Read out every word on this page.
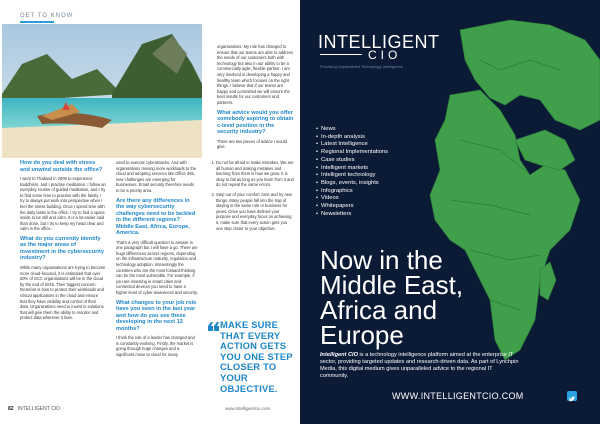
GET TO KNOW
How do you deal with stress and unwind outside the office?

I went to Thailand in 2009 to experience Buddhism, and I practise meditation. I follow an everyday routine of guided meditation, and I try to find some time to practise with the family. I try to always put work into perspective when I feel the stress building. Once I spend time with the daily tasks in the office, I try to find a space inside to be still and calm. It is a lot easier said than done, but I try to keep my head clear and calm in the office.

What do you currently identify as the major areas of investment in the cybersecurity industry?

While many organisations are trying to become more cloud-focused, it is estimated that over 60% of GCC organisations will be in the cloud by the end of 2019. Their biggest concern therefore is how to protect their workloads and critical applications in the cloud and ensure that they have visibility and control of their data. Organisations need to invest in solutions that will give them the ability to monitor and protect data wherever it lives.

used to execute cyberattacks. And with organisations moving more workloads to the cloud and adopting services like Office 365, new challenges are emerging for businesses. Email security therefore needs to be a priority area.

Are there any differences in the way cybersecurity challenges need to be tackled in the different regions? Middle East, Africa, Europe, America.

That's a very difficult question to answer in one paragraph but I will have a go. There are huge differences across regions, depending on the infrastructure maturity, regulation and technology adoption. Interestingly the countries who are the most forward-thinking can be the most vulnerable. For example, if you are investing in smart cities and connected devices you need to have a higher level of cyber-awareness and security.

What changes to your job role have you seen in the last year and how do you see these developing in the next 12 months?

I think the role of a leader has changed and is constantly evolving. Firstly, the market is going through huge changes and a significant move to cloud for many

organisations. My role has changed to ensure that our teams are able to address the needs of our customers both with technology but also in our ability to be a commercially agile, flexible partner. I am very involved in developing a happy and healthy team which focuses on the right things. I believe that if our teams are happy and committed we will ensure the best results for our customers and partners.

What advice would you offer somebody aspiring to obtain c-level position in the security industry?

There are two pieces of advice I would give.

1. Do not be afraid to make mistakes. We are all human and making mistakes and learning from them is how we grow. It is okay to fail as long as you learn from it and do not repeat the same errors.
2. Step out of your comfort zone and try new things. Many people fall into the trap of staying in the same role or business for years. Once you have defined your purpose and everyday focus on achieving it, make sure that every action gets you one step closer to your objective.
MAKE SURE THAT EVERY ACTION GETS YOU ONE STEP CLOSER TO YOUR OBJECTIVE.
82 INTELLIGENT CIO	www.intelligentcio.com
INTELLIGENT
CIO
Providing Unparalleled Technology Intelligence
• News
• In-depth analysis
• Latest Intelligence
• Regional Implementations
• Case studies
• Intelligent markets
• Intelligent technology
• Blogs, events, insights
• Infographics
• Videos
• Whitepapers
• Newsletters
Now in the Middle East, Africa and Europe
Intelligent CIO is a technology intelligence platform aimed at the enterprise IT sector, providing targeted updates and research-driven data. As part of Lynchpin Media, this digital medium gives unparalleled advice to the regional IT community.
WWW.INTELLIGENTCIO.COM
